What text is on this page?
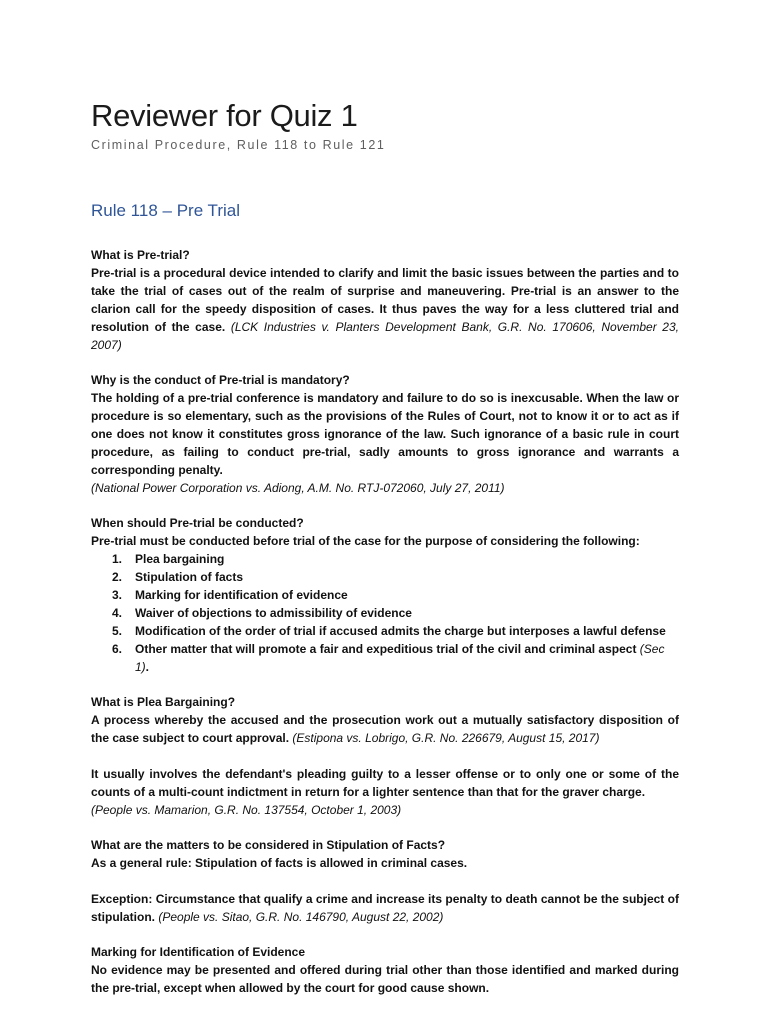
Reviewer for Quiz 1

Criminal Procedure, Rule 118 to Rule 121

Rule 118 – Pre Trial

What is Pre-trial?

Pre-trial is a procedural device intended to clarify and limit the basic issues between the parties and to take the trial of cases out of the realm of surprise and maneuvering. Pre-trial is an answer to the clarion call for the speedy disposition of cases. It thus paves the way for a less cluttered trial and resolution of the case. (LCK Industries v. Planters Development Bank, G.R. No. 170606, November 23, 2007)

Why is the conduct of Pre-trial is mandatory?

The holding of a pre-trial conference is mandatory and failure to do so is inexcusable. When the law or procedure is so elementary, such as the provisions of the Rules of Court, not to know it or to act as if one does not know it constitutes gross ignorance of the law. Such ignorance of a basic rule in court procedure, as failing to conduct pre-trial, sadly amounts to gross ignorance and warrants a corresponding penalty.

(National Power Corporation vs. Adiong, A.M. No. RTJ-072060, July 27, 2011)

When should Pre-trial be conducted?

Pre-trial must be conducted before trial of the case for the purpose of considering the following:

1. Plea bargaining
2. Stipulation of facts
3. Marking for identification of evidence
4. Waiver of objections to admissibility of evidence
5. Modification of the order of trial if accused admits the charge but interposes a lawful defense
6. Other matter that will promote a fair and expeditious trial of the civil and criminal aspect (Sec 1).

What is Plea Bargaining?

A process whereby the accused and the prosecution work out a mutually satisfactory disposition of the case subject to court approval. (Estipona vs. Lobrigo, G.R. No. 226679, August 15, 2017)

It usually involves the defendant's pleading guilty to a lesser offense or to only one or some of the counts of a multi-count indictment in return for a lighter sentence than that for the graver charge.

(People vs. Mamarion, G.R. No. 137554, October 1, 2003)

What are the matters to be considered in Stipulation of Facts?

As a general rule: Stipulation of facts is allowed in criminal cases.

Exception: Circumstance that qualify a crime and increase its penalty to death cannot be the subject of stipulation. (People vs. Sitao, G.R. No. 146790, August 22, 2002)

Marking for Identification of Evidence

No evidence may be presented and offered during trial other than those identified and marked during the pre-trial, except when allowed by the court for good cause shown.
